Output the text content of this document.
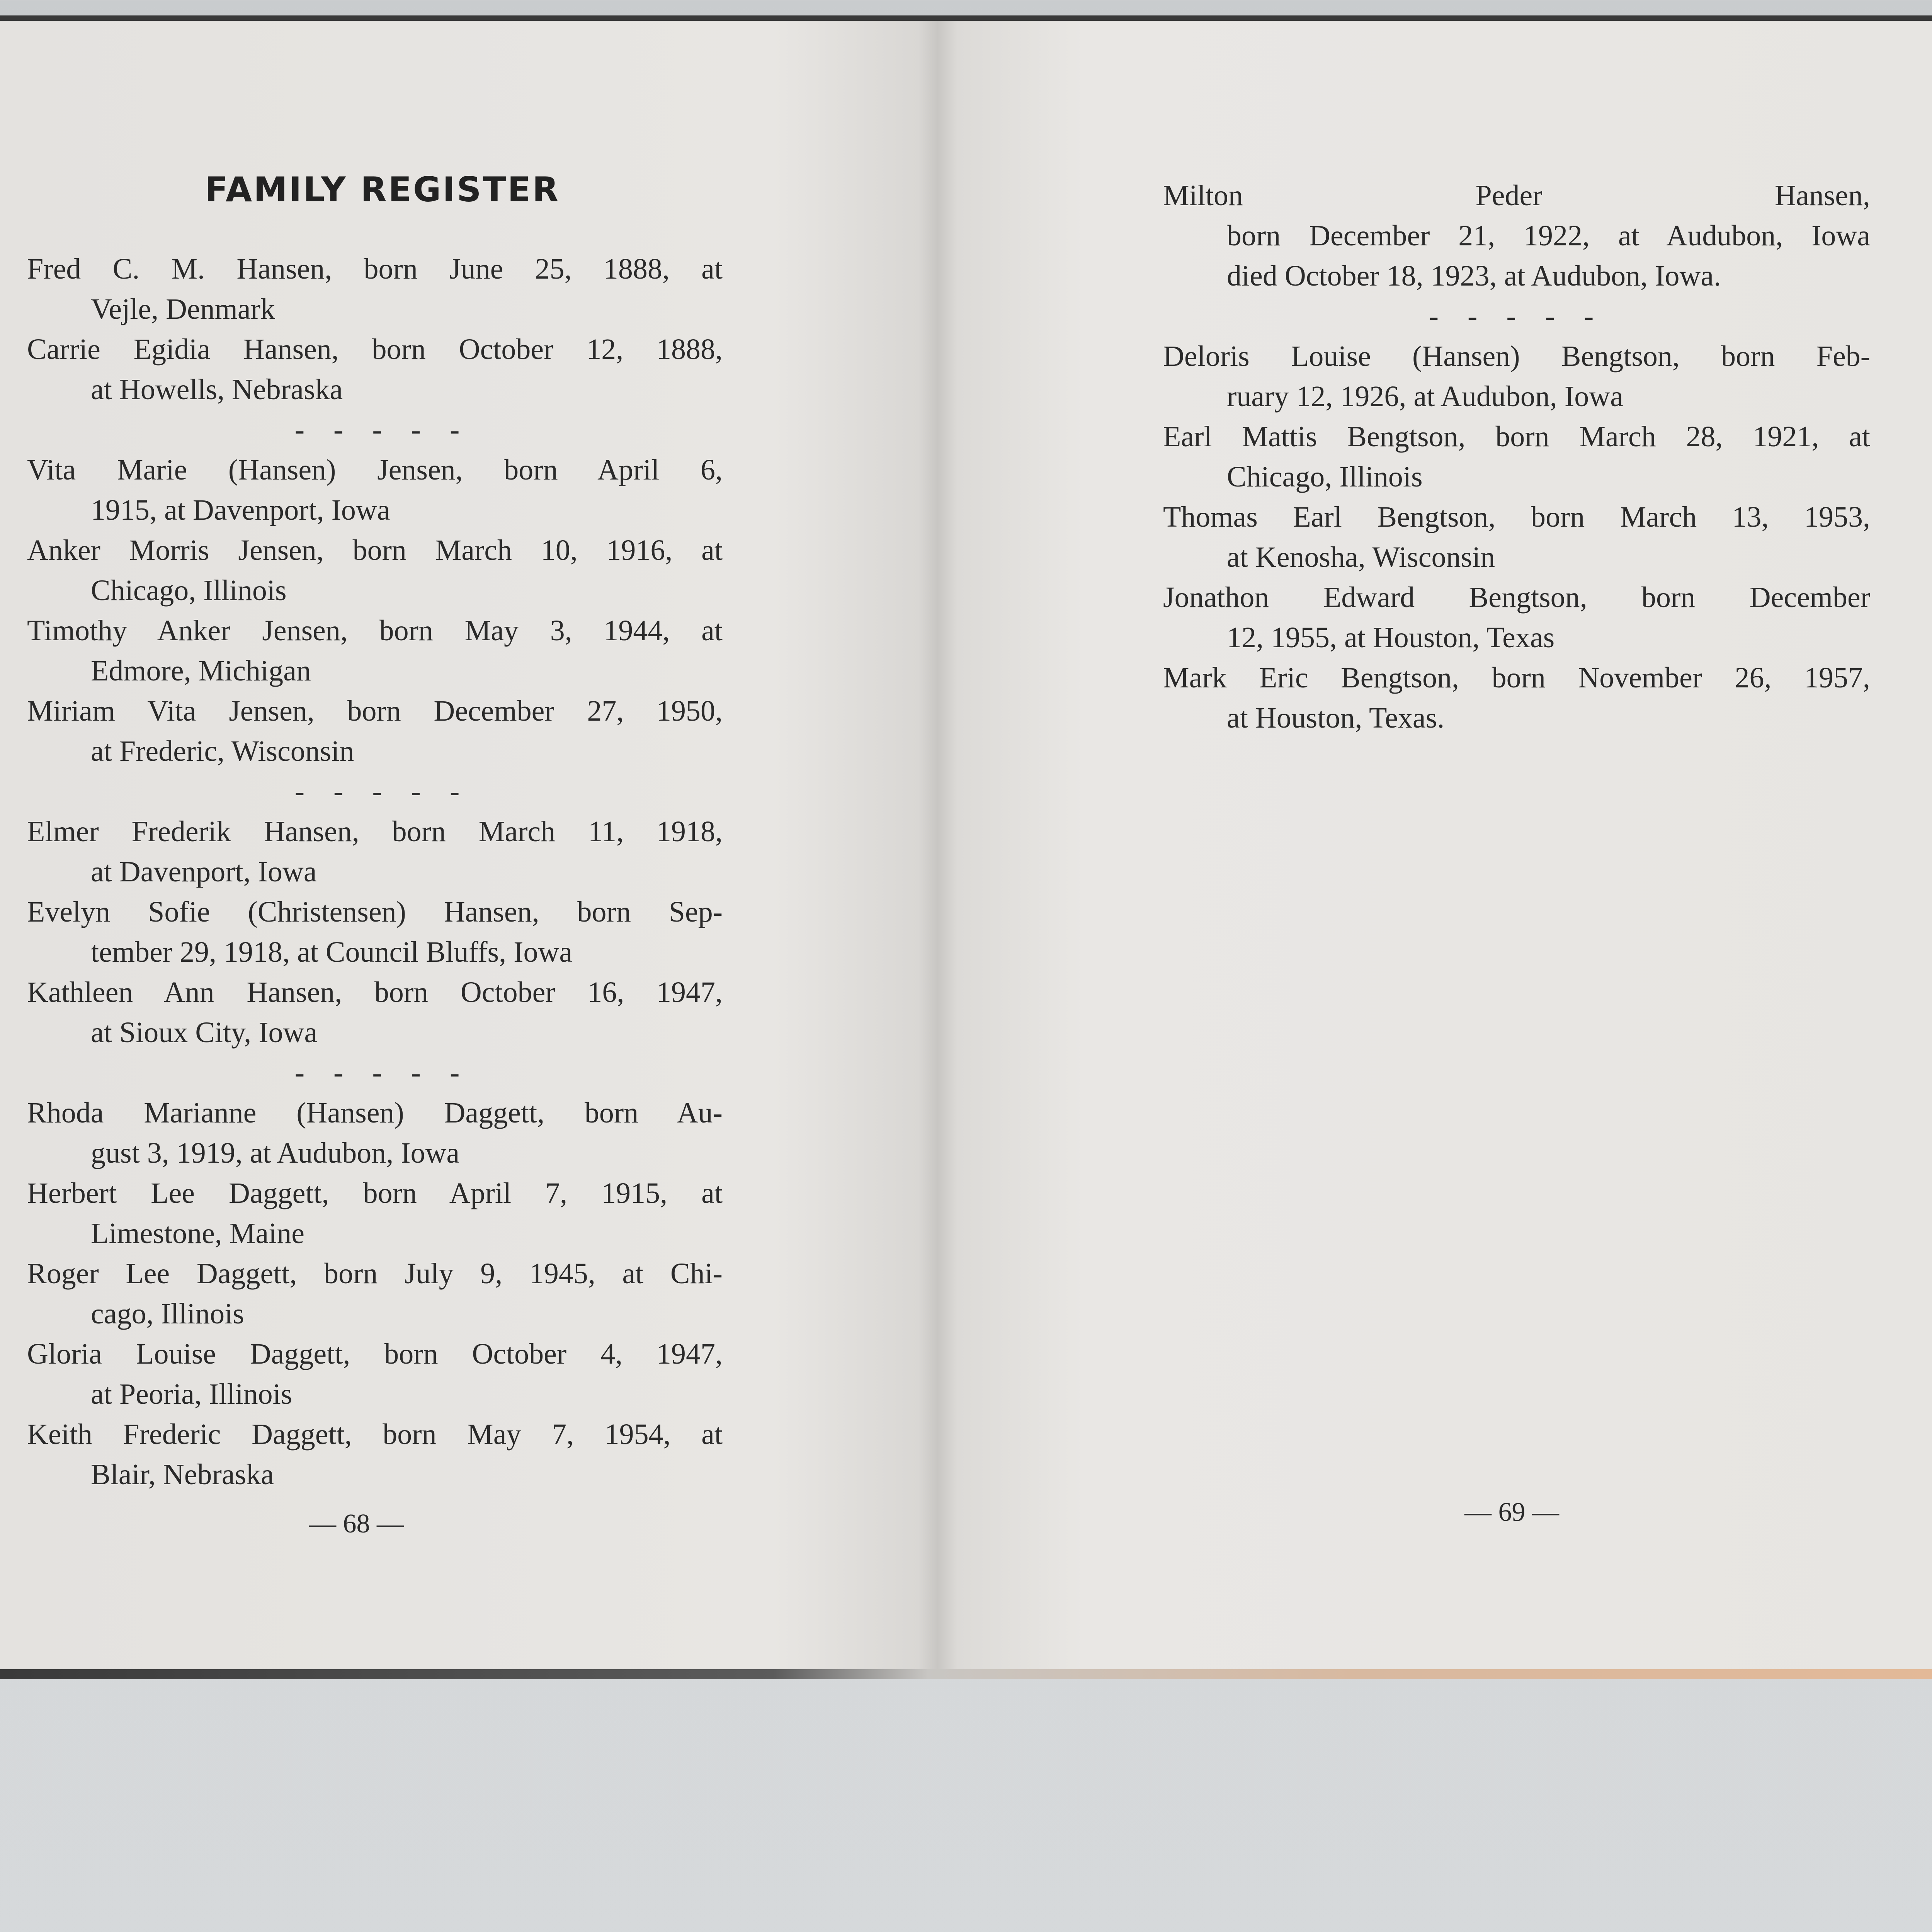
FAMILY REGISTER
Fred C. M. Hansen, born June 25, 1888, at
Vejle, Denmark
Carrie Egidia Hansen, born October 12, 1888,
at Howells, Nebraska
- - - - -
Vita Marie (Hansen) Jensen, born April 6,
1915, at Davenport, Iowa
Anker Morris Jensen, born March 10, 1916, at
Chicago, Illinois
Timothy Anker Jensen, born May 3, 1944, at
Edmore, Michigan
Miriam Vita Jensen, born December 27, 1950,
at Frederic, Wisconsin
- - - - -
Elmer Frederik Hansen, born March 11, 1918,
at Davenport, Iowa
Evelyn Sofie (Christensen) Hansen, born Sep-
tember 29, 1918, at Council Bluffs, Iowa
Kathleen Ann Hansen, born October 16, 1947,
at Sioux City, Iowa
- - - - -
Rhoda Marianne (Hansen) Daggett, born Au-
gust 3, 1919, at Audubon, Iowa
Herbert Lee Daggett, born April 7, 1915, at
Limestone, Maine
Roger Lee Daggett, born July 9, 1945, at Chi-
cago, Illinois
Gloria Louise Daggett, born October 4, 1947,
at Peoria, Illinois
Keith Frederic Daggett, born May 7, 1954, at
Blair, Nebraska
— 68 —
Milton Peder Hansen,
born December 21, 1922, at Audubon, Iowa
died October 18, 1923, at Audubon, Iowa.
- - - - -
Deloris Louise (Hansen) Bengtson, born Feb-
ruary 12, 1926, at Audubon, Iowa
Earl Mattis Bengtson, born March 28, 1921, at
Chicago, Illinois
Thomas Earl Bengtson, born March 13, 1953,
at Kenosha, Wisconsin
Jonathon Edward Bengtson, born December
12, 1955, at Houston, Texas
Mark Eric Bengtson, born November 26, 1957,
at Houston, Texas.
— 69 —
